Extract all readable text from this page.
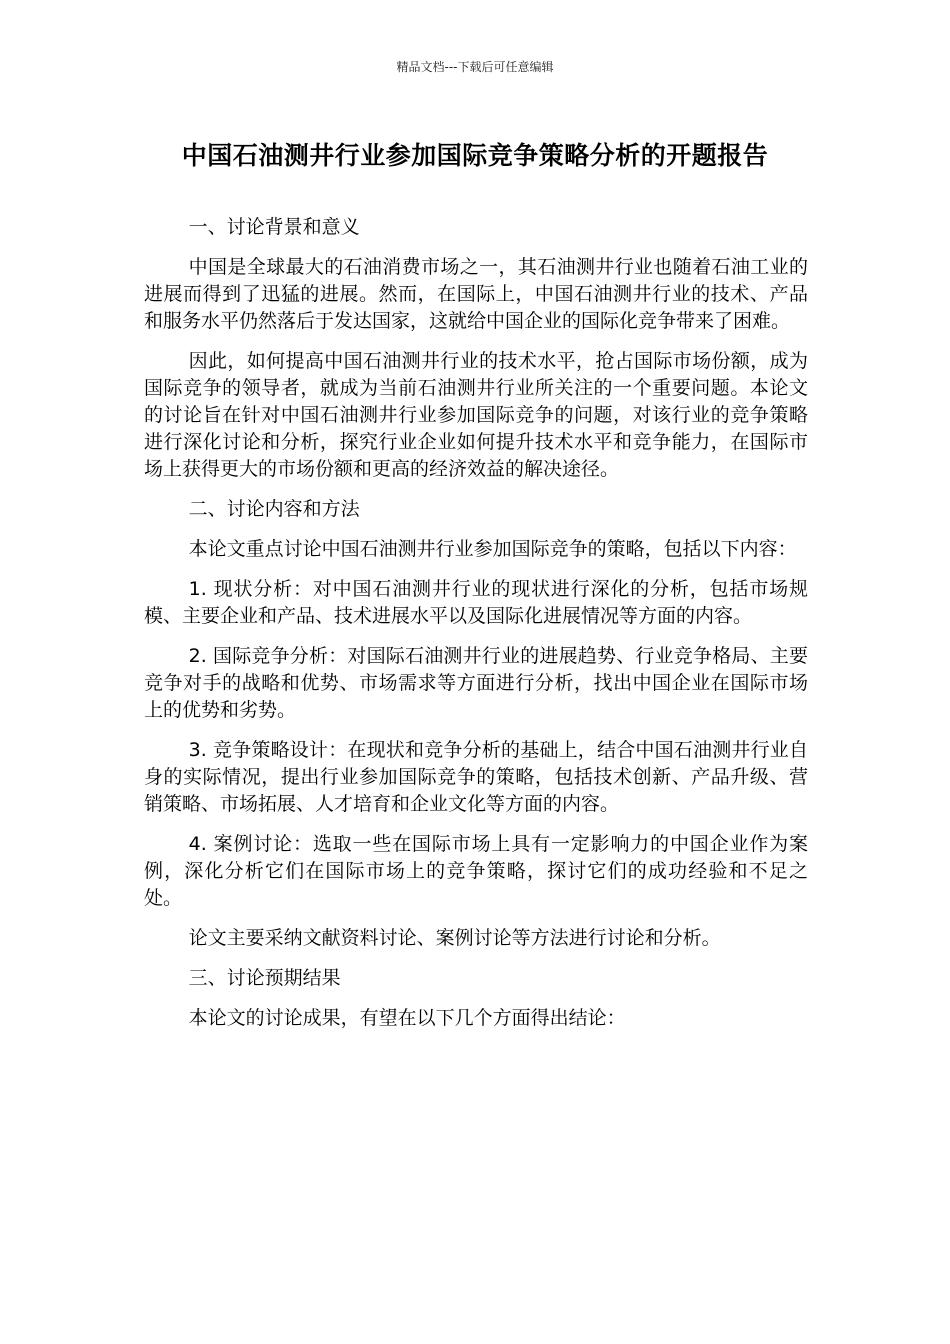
精品文档---下载后可任意编辑
中国石油测井行业参加国际竞争策略分析的开题报告

一、讨论背景和意义

中国是全球最大的石油消费市场之一，其石油测井行业也随着石油工业的进展而得到了迅猛的进展。然而，在国际上，中国石油测井行业的技术、产品和服务水平仍然落后于发达国家，这就给中国企业的国际化竞争带来了困难。

因此，如何提高中国石油测井行业的技术水平，抢占国际市场份额，成为国际竞争的领导者，就成为当前石油测井行业所关注的一个重要问题。本论文的讨论旨在针对中国石油测井行业参加国际竞争的问题，对该行业的竞争策略进行深化讨论和分析，探究行业企业如何提升技术水平和竞争能力，在国际市场上获得更大的市场份额和更高的经济效益的解决途径。

二、讨论内容和方法

本论文重点讨论中国石油测井行业参加国际竞争的策略，包括以下内容：

1. 现状分析：对中国石油测井行业的现状进行深化的分析，包括市场规模、主要企业和产品、技术进展水平以及国际化进展情况等方面的内容。

2. 国际竞争分析：对国际石油测井行业的进展趋势、行业竞争格局、主要竞争对手的战略和优势、市场需求等方面进行分析，找出中国企业在国际市场上的优势和劣势。

3. 竞争策略设计：在现状和竞争分析的基础上，结合中国石油测井行业自身的实际情况，提出行业参加国际竞争的策略，包括技术创新、产品升级、营销策略、市场拓展、人才培育和企业文化等方面的内容。

4. 案例讨论：选取一些在国际市场上具有一定影响力的中国企业作为案例，深化分析它们在国际市场上的竞争策略，探讨它们的成功经验和不足之处。

论文主要采纳文献资料讨论、案例讨论等方法进行讨论和分析。

三、讨论预期结果

本论文的讨论成果，有望在以下几个方面得出结论：
